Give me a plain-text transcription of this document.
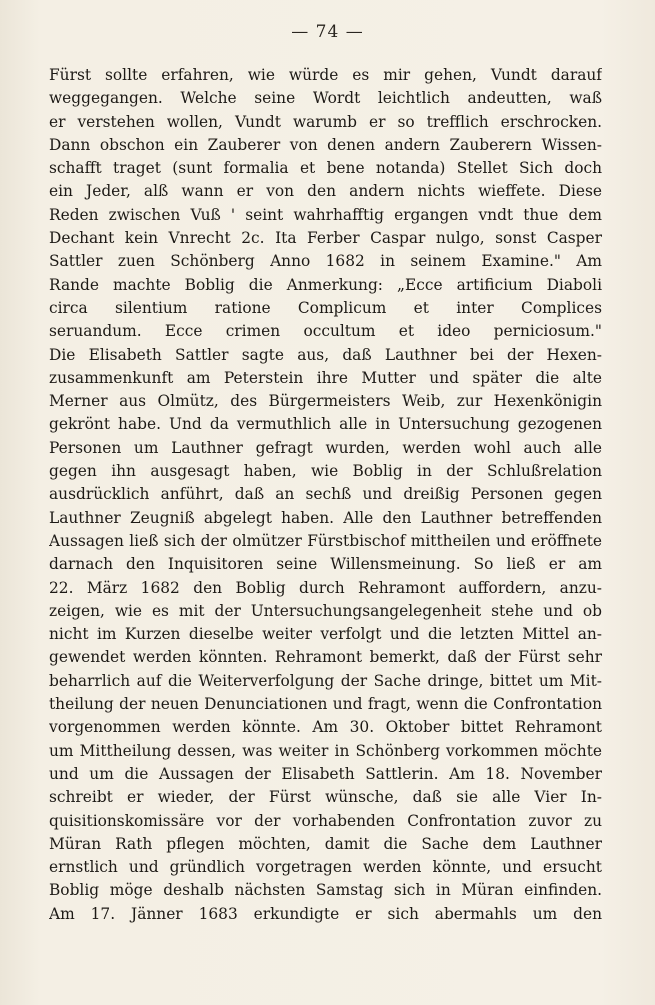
— 74 —
Fürst sollte erfahren, wie würde es mir gehen, Vundt darauf
weggegangen. Welche seine Wordt leichtlich andeutten, waß
er verstehen wollen, Vundt warumb er so trefflich erschrocken.
Dann obschon ein Zauberer von denen andern Zauberern Wissen-
schafft traget (sunt formalia et bene notanda) Stellet Sich doch
ein Jeder, alß wann er von den andern nichts wieffete. Diese
Reden zwischen Vuß ' seint wahrhafftig ergangen vndt thue dem
Dechant kein Vnrecht 2c. Ita Ferber Caspar nulgo, sonst Casper
Sattler zuen Schönberg Anno 1682 in seinem Examine." Am
Rande machte Boblig die Anmerkung: „Ecce artificium Diaboli
circa silentium ratione Complicum et inter Complices
seruandum. Ecce crimen occultum et ideo perniciosum."
Die Elisabeth Sattler sagte aus, daß Lauthner bei der Hexen-
zusammenkunft am Peterstein ihre Mutter und später die alte
Merner aus Olmütz, des Bürgermeisters Weib, zur Hexenkönigin
gekrönt habe. Und da vermuthlich alle in Untersuchung gezogenen
Personen um Lauthner gefragt wurden, werden wohl auch alle
gegen ihn ausgesagt haben, wie Boblig in der Schlußrelation
ausdrücklich anführt, daß an sechß und dreißig Personen gegen
Lauthner Zeugniß abgelegt haben. Alle den Lauthner betreffenden
Aussagen ließ sich der olmützer Fürstbischof mittheilen und eröffnete
darnach den Inquisitoren seine Willensmeinung. So ließ er am
22. März 1682 den Boblig durch Rehramont auffordern, anzu-
zeigen, wie es mit der Untersuchungsangelegenheit stehe und ob
nicht im Kurzen dieselbe weiter verfolgt und die letzten Mittel an-
gewendet werden könnten. Rehramont bemerkt, daß der Fürst sehr
beharrlich auf die Weiterverfolgung der Sache dringe, bittet um Mit-
theilung der neuen Denunciationen und fragt, wenn die Confrontation
vorgenommen werden könnte. Am 30. Oktober bittet Rehramont
um Mittheilung dessen, was weiter in Schönberg vorkommen möchte
und um die Aussagen der Elisabeth Sattlerin. Am 18. November
schreibt er wieder, der Fürst wünsche, daß sie alle Vier In-
quisitionskomissäre vor der vorhabenden Confrontation zuvor zu
Müran Rath pflegen möchten, damit die Sache dem Lauthner
ernstlich und gründlich vorgetragen werden könnte, und ersucht
Boblig möge deshalb nächsten Samstag sich in Müran einfinden.
Am 17. Jänner 1683 erkundigte er sich abermahls um den
